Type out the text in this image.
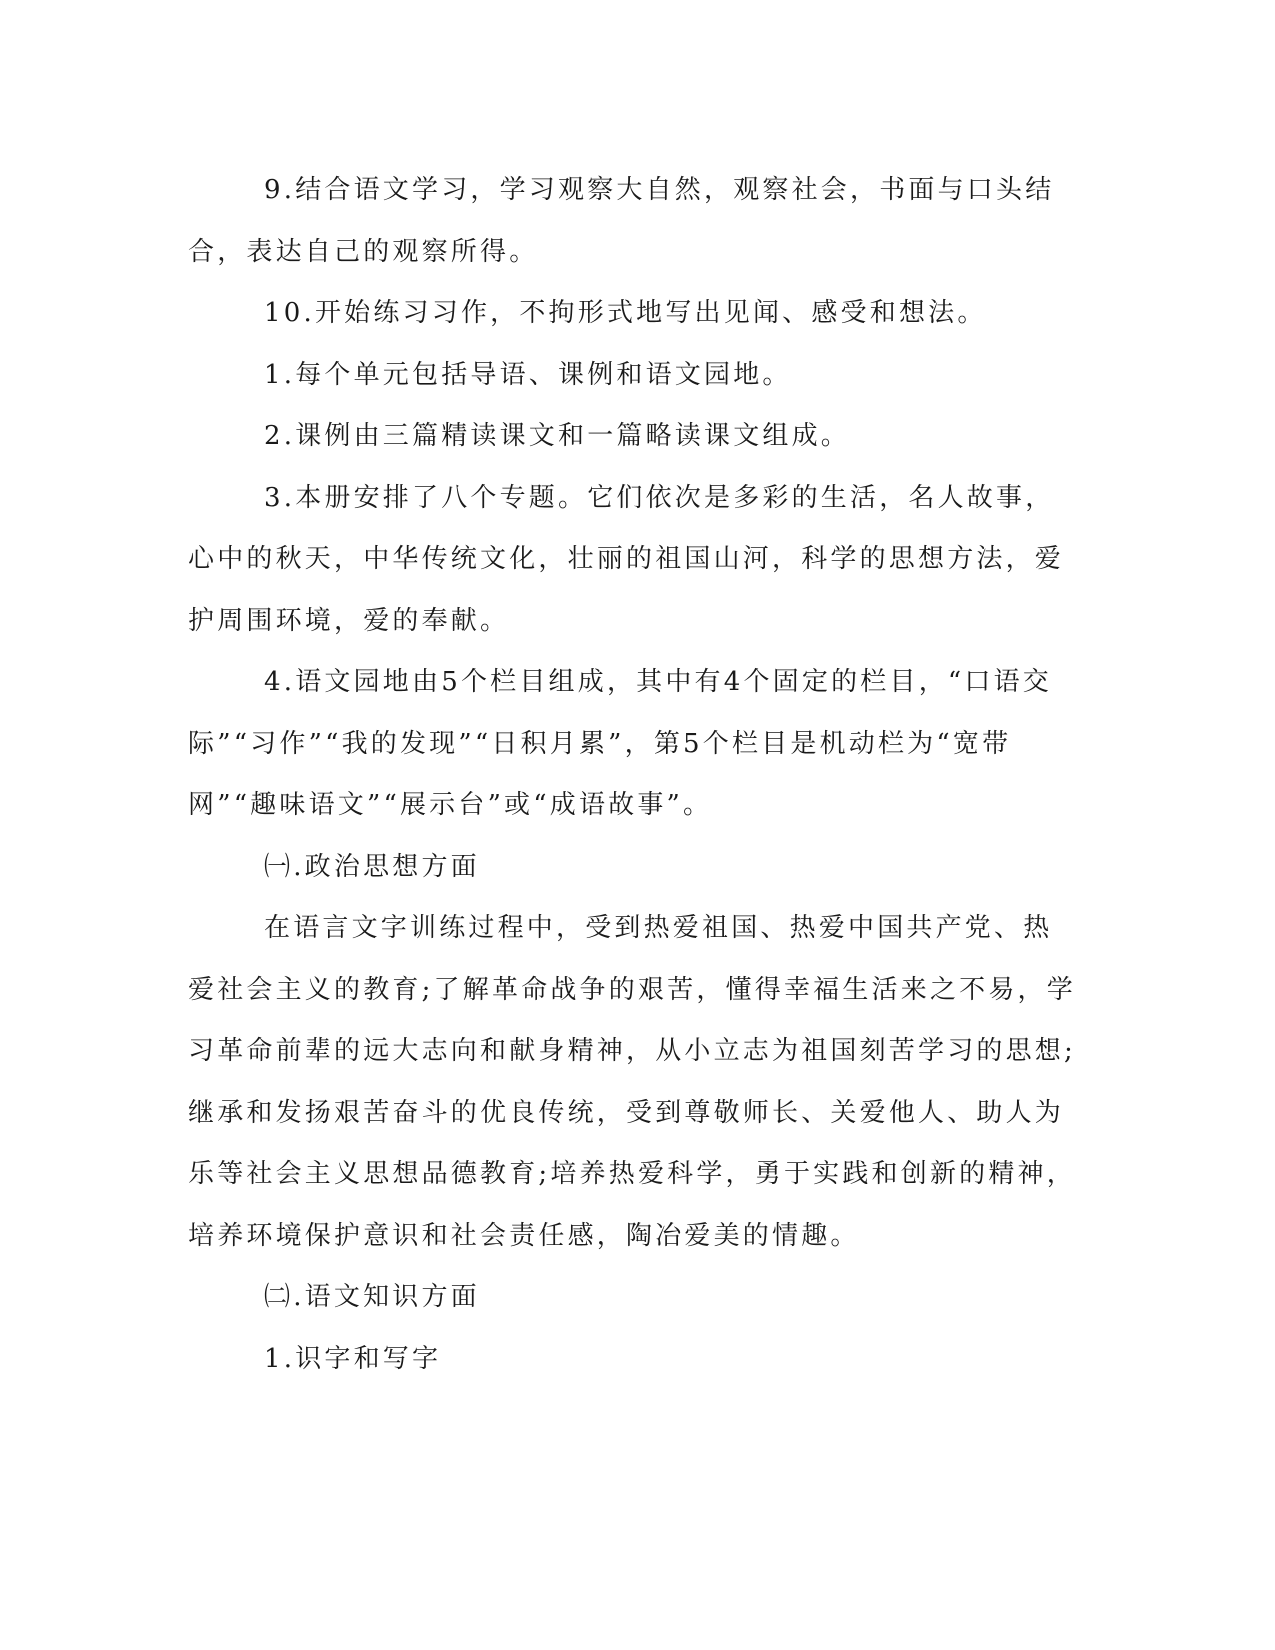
9.结合语文学习，学习观察大自然，观察社会，书面与口头结合，表达自己的观察所得。

10.开始练习习作，不拘形式地写出见闻、感受和想法。

1.每个单元包括导语、课例和语文园地。

2.课例由三篇精读课文和一篇略读课文组成。

3.本册安排了八个专题。它们依次是多彩的生活，名人故事，心中的秋天，中华传统文化，壮丽的祖国山河，科学的思想方法，爱护周围环境，爱的奉献。

4.语文园地由5个栏目组成，其中有4个固定的栏目，“口语交际”“习作”“我的发现”“日积月累”，第5个栏目是机动栏为“宽带网”“趣味语文”“展示台”或“成语故事”。

㈠.政治思想方面

在语言文字训练过程中，受到热爱祖国、热爱中国共产党、热爱社会主义的教育;了解革命战争的艰苦，懂得幸福生活来之不易，学习革命前辈的远大志向和献身精神，从小立志为祖国刻苦学习的思想;继承和发扬艰苦奋斗的优良传统，受到尊敬师长、关爱他人、助人为乐等社会主义思想品德教育;培养热爱科学，勇于实践和创新的精神，培养环境保护意识和社会责任感，陶冶爱美的情趣。

㈡.语文知识方面

1.识字和写字
